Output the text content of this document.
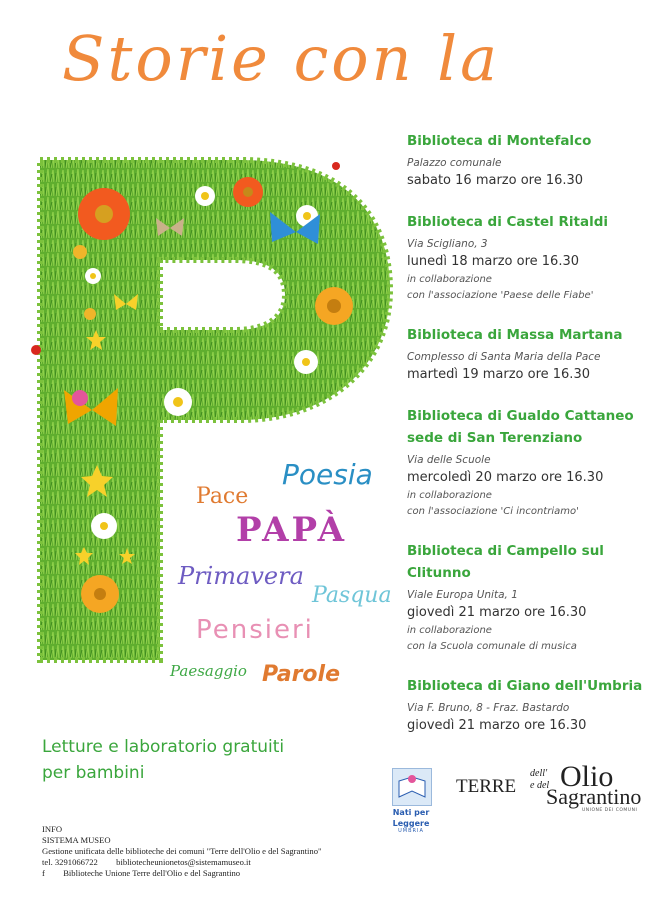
Storie con la
Poesia
Pace
PAPÀ
Primavera
Pasqua
Pensieri
Paesaggio Parole
Biblioteca di Montefalco
Palazzo comunale
sabato 16 marzo ore 16.30
Biblioteca di Castel Ritaldi
Via Scigliano, 3
lunedì 18 marzo ore 16.30
in collaborazione
con l'associazione 'Paese delle Fiabe'
Biblioteca di Massa Martana
Complesso di Santa Maria della Pace
martedì 19 marzo ore 16.30
Biblioteca di Gualdo Cattaneo sede di San Terenziano
Via delle Scuole
mercoledì 20 marzo ore 16.30
in collaborazione
con l'associazione 'Ci incontriamo'
Biblioteca di Campello sul Clitunno
Viale Europa Unita, 1
giovedì 21 marzo ore 16.30
in collaborazione
con la Scuola comunale di musica
Biblioteca di Giano dell'Umbria
Via F. Bruno, 8 - Fraz. Bastardo
giovedì 21 marzo ore 16.30
Letture e laboratorio gratuiti
per bambini
INFO
SISTEMA MUSEO
Gestione unificata delle biblioteche dei comuni "Terre dell'Olio e del Sagrantino"
tel. 3291066722 bibliotecheunionetos@sistemamuseo.it
f Biblioteche Unione Terre dell'Olio e del Sagrantino
Nati per
Leggere
UMBRIA
TERRE
dell' Olio
e del
Sagrantino
UNIONE DEI COMUNI
